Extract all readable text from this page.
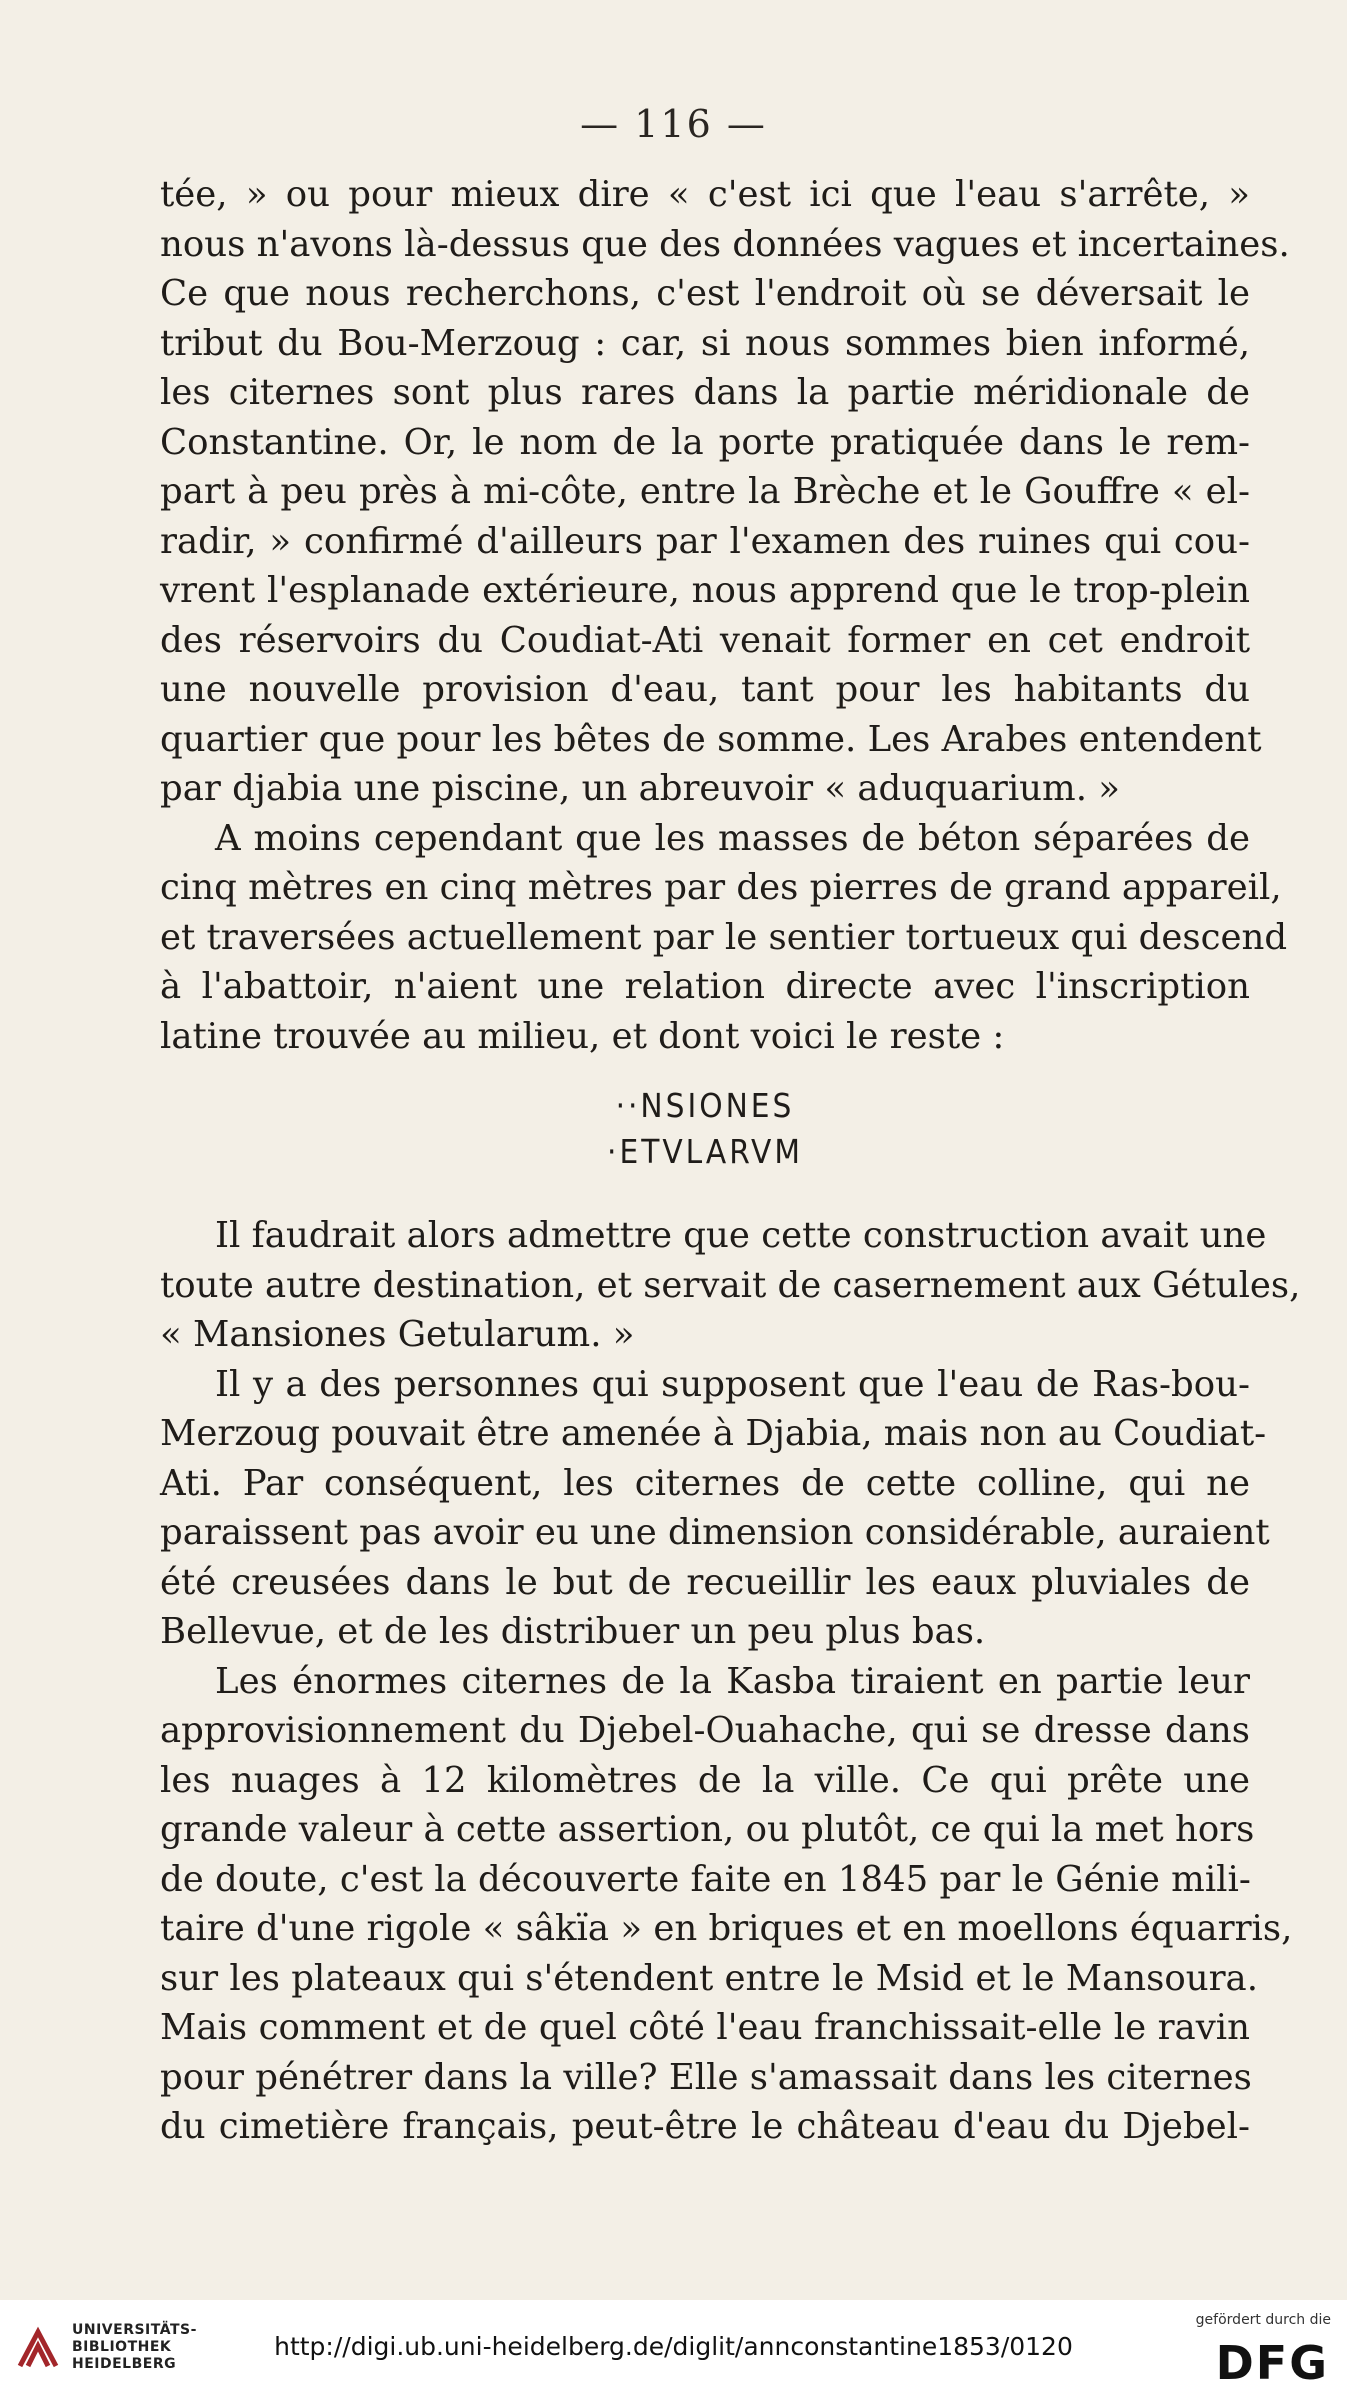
— 116 —
tée, » ou pour mieux dire « c'est ici que l'eau s'arrête, »
nous n'avons là-dessus que des données vagues et incertaines.
Ce que nous recherchons, c'est l'endroit où se déversait le
tribut du Bou-Merzoug : car, si nous sommes bien informé,
les citernes sont plus rares dans la partie méridionale de
Constantine. Or, le nom de la porte pratiquée dans le rem-
part à peu près à mi-côte, entre la Brèche et le Gouffre « el-
radir, » confirmé d'ailleurs par l'examen des ruines qui cou-
vrent l'esplanade extérieure, nous apprend que le trop-plein
des réservoirs du Coudiat-Ati venait former en cet endroit
une nouvelle provision d'eau, tant pour les habitants du
quartier que pour les bêtes de somme. Les Arabes entendent
par djabia une piscine, un abreuvoir « aduquarium. »
A moins cependant que les masses de béton séparées de
cinq mètres en cinq mètres par des pierres de grand appareil,
et traversées actuellement par le sentier tortueux qui descend
à l'abattoir, n'aient une relation directe avec l'inscription
latine trouvée au milieu, et dont voici le reste :
··NSIONES
·ETVLARVM
Il faudrait alors admettre que cette construction avait une
toute autre destination, et servait de casernement aux Gétules,
« Mansiones Getularum. »
Il y a des personnes qui supposent que l'eau de Ras-bou-
Merzoug pouvait être amenée à Djabia, mais non au Coudiat-
Ati. Par conséquent, les citernes de cette colline, qui ne
paraissent pas avoir eu une dimension considérable, auraient
été creusées dans le but de recueillir les eaux pluviales de
Bellevue, et de les distribuer un peu plus bas.
Les énormes citernes de la Kasba tiraient en partie leur
approvisionnement du Djebel-Ouahache, qui se dresse dans
les nuages à 12 kilomètres de la ville. Ce qui prête une
grande valeur à cette assertion, ou plutôt, ce qui la met hors
de doute, c'est la découverte faite en 1845 par le Génie mili-
taire d'une rigole « sâkïa » en briques et en moellons équarris,
sur les plateaux qui s'étendent entre le Msid et le Mansoura.
Mais comment et de quel côté l'eau franchissait-elle le ravin
pour pénétrer dans la ville? Elle s'amassait dans les citernes
du cimetière français, peut-être le château d'eau du Djebel-
UNIVERSITÄTS-
BIBLIOTHEK
HEIDELBERG
http://digi.ub.uni-heidelberg.de/diglit/annconstantine1853/0120
gefördert durch die
DFG
